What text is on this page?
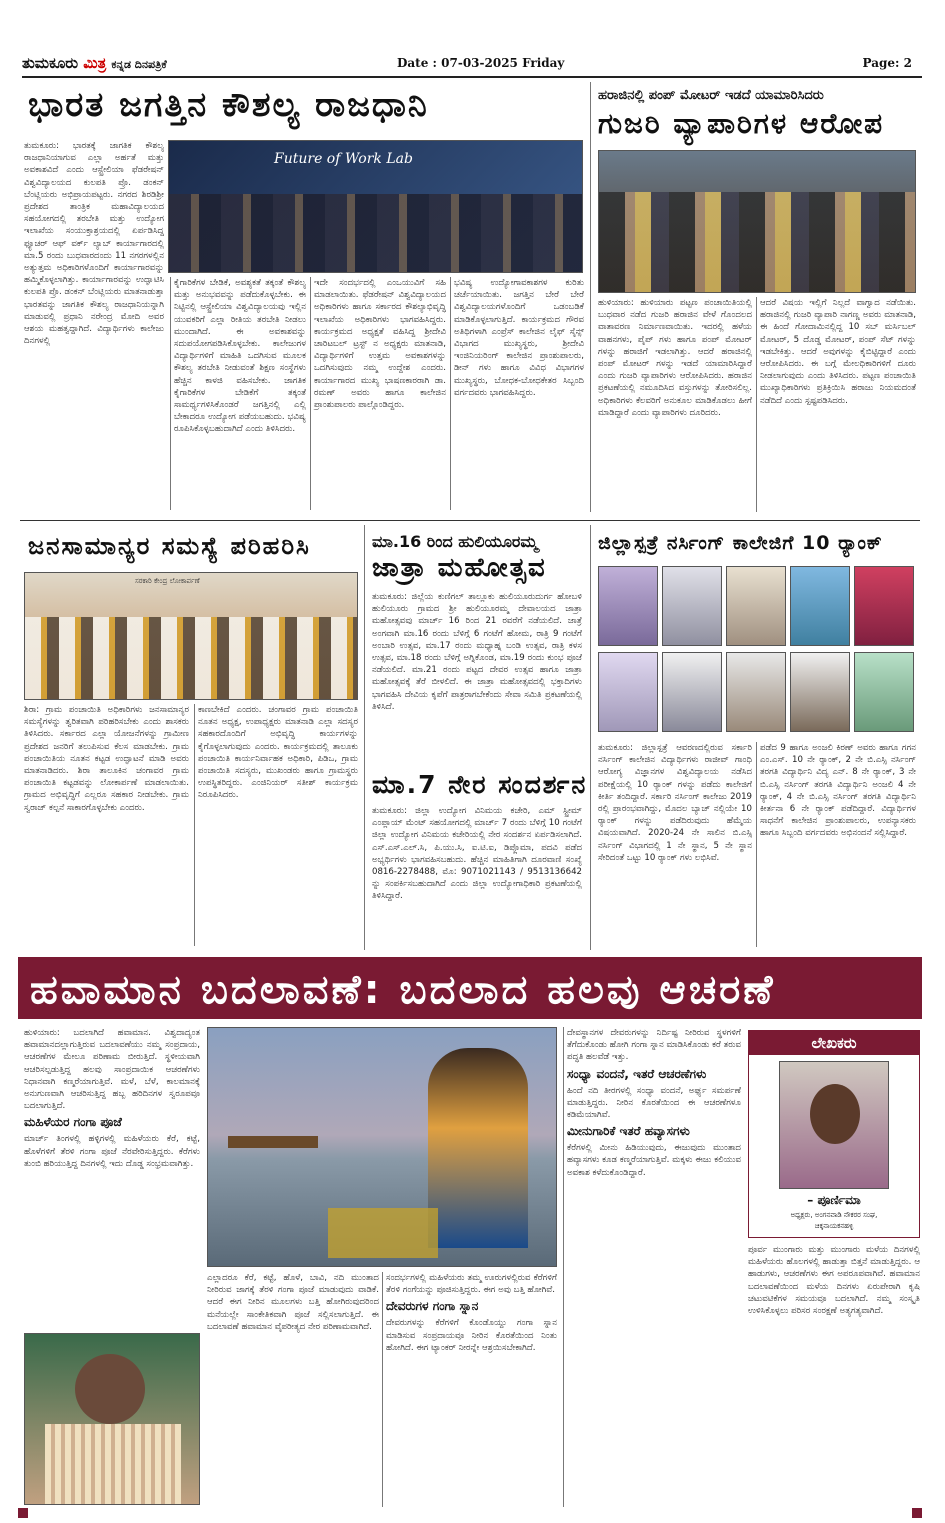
ತುಮಕೂರು ಮಿತ್ರ ಕನ್ನಡ ದಿನಪತ್ರಿಕೆ	Date : 07-03-2025 Friday	Page: 2
ಭಾರತ ಜಗತ್ತಿನ ಕೌಶಲ್ಯ ರಾಜಧಾನಿ
Future of Work Lab
ತುಮಕೂರು: ಭಾರತಕ್ಕೆ ಜಾಗತಿಕ ಕೌಶಲ್ಯ ರಾಜಧಾನಿಯಾಗುವ ಎಲ್ಲಾ ಅರ್ಹತೆ ಮತ್ತು ಅವಕಾಶವಿದೆ ಎಂದು ಆಸ್ಟ್ರೇಲಿಯಾ ಫೆಡರೇಷನ್ ವಿಶ್ವವಿದ್ಯಾಲಯದ ಕುಲಪತಿ ಪ್ರೊ. ಡಂಕನ್ ಬೆಂಟ್ಲಿಯರು ಅಭಿಪ್ರಾಯಪಟ್ಟರು. ನಗರದ ಶಿರಡಿಶ್ರೀ ಪ್ರದೇಶದ ತಾಂತ್ರಿಕ ಮಹಾವಿದ್ಯಾಲಯದ ಸಹಯೋಗದಲ್ಲಿ ತರಬೇತಿ ಮತ್ತು ಉದ್ಯೋಗ ಇಲಾಖೆಯ ಸಂಯುಕ್ತಾಶ್ರಯದಲ್ಲಿ ಏರ್ಪಡಿಸಿದ್ದ ಫ್ಯೂಚರ್ ಆಫ್ ವರ್ಕ್ ಲ್ಯಾಬ್ ಕಾರ್ಯಾಗಾರದಲ್ಲಿ ಮಾ.5 ರಂದು ಬುಧವಾರದಂದು 11 ನಗರಗಳಲ್ಲಿನ ಅತ್ಯುತ್ತಮ ಅಧಿಕಾರಿಗಳೊಂದಿಗೆ ಕಾರ್ಯಾಗಾರವನ್ನು ಹಮ್ಮಿಕೊಳ್ಳಲಾಗಿತ್ತು. ಕಾರ್ಯಾಗಾರವನ್ನು ಉದ್ಘಾಟಿಸಿ ಕುಲಪತಿ ಪ್ರೊ. ಡಂಕನ್ ಬೆಂಟ್ಲಿಯರು ಮಾತನಾಡುತ್ತಾ ಭಾರತವನ್ನು ಜಾಗತಿಕ ಕೌಶಲ್ಯ ರಾಜಧಾನಿಯನ್ನಾಗಿ ಮಾಡುವಲ್ಲಿ ಪ್ರಧಾನಿ ನರೇಂದ್ರ ಮೋದಿ ಅವರ ಆಶಯ ಮಹತ್ವದ್ದಾಗಿದೆ. ವಿದ್ಯಾರ್ಥಿಗಳು ಕಾಲೇಜು ದಿನಗಳಲ್ಲಿ
ಕೈಗಾರಿಕೆಗಳ ಬೇಡಿಕೆ, ಅವಶ್ಯಕತೆ ತಕ್ಕಂತೆ ಕೌಶಲ್ಯ ಮತ್ತು ಅನುಭವವನ್ನು ಪಡೆದುಕೊಳ್ಳಬೇಕು. ಈ ನಿಟ್ಟಿನಲ್ಲಿ ಆಸ್ಟ್ರೇಲಿಯಾ ವಿಶ್ವವಿದ್ಯಾಲಯವು ಇಲ್ಲಿನ ಯುವಕರಿಗೆ ಎಲ್ಲಾ ರೀತಿಯ ತರಬೇತಿ ನೀಡಲು ಮುಂದಾಗಿದೆ. ಈ ಅವಕಾಶವನ್ನು ಸದುಪಯೋಗಪಡಿಸಿಕೊಳ್ಳಬೇಕು. ಕಾಲೇಜುಗಳ ವಿದ್ಯಾರ್ಥಿಗಳಿಗೆ ಮಾಹಿತಿ ಒದಗಿಸುವ ಮೂಲಕ ಕೌಶಲ್ಯ ತರಬೇತಿ ನೀಡುವಂತೆ ಶಿಕ್ಷಣ ಸಂಸ್ಥೆಗಳು ಹೆಚ್ಚಿನ ಕಾಳಜಿ ವಹಿಸಬೇಕು. ಜಾಗತಿಕ ಕೈಗಾರಿಕೆಗಳ ಬೇಡಿಕೆಗೆ ತಕ್ಕಂತೆ ಸಾಮರ್ಥ್ಯಗಳಿಸಿಕೊಂಡರೆ ಜಗತ್ತಿನಲ್ಲಿ ಎಲ್ಲಿ ಬೇಕಾದರೂ ಉದ್ಯೋಗ ಪಡೆಯಬಹುದು. ಭವಿಷ್ಯ ರೂಪಿಸಿಕೊಳ್ಳಬಹುದಾಗಿದೆ ಎಂದು ತಿಳಿಸಿದರು.
ಇದೇ ಸಂದರ್ಭದಲ್ಲಿ ಎಂಒಯುವಿಗೆ ಸಹಿ ಮಾಡಲಾಯಿತು. ಫೆಡರೇಷನ್ ವಿಶ್ವವಿದ್ಯಾಲಯದ ಅಧಿಕಾರಿಗಳು ಹಾಗೂ ಸರ್ಕಾರದ ಕೌಶಲ್ಯಾಭಿವೃದ್ಧಿ ಇಲಾಖೆಯ ಅಧಿಕಾರಿಗಳು ಭಾಗವಹಿಸಿದ್ದರು. ಕಾರ್ಯಕ್ರಮದ ಅಧ್ಯಕ್ಷತೆ ವಹಿಸಿದ್ದ ಶ್ರೀದೇವಿ ಚಾರಿಟಬಲ್ ಟ್ರಸ್ಟ್ ನ ಅಧ್ಯಕ್ಷರು ಮಾತನಾಡಿ, ವಿದ್ಯಾರ್ಥಿಗಳಿಗೆ ಉತ್ತಮ ಅವಕಾಶಗಳನ್ನು ಒದಗಿಸುವುದು ನಮ್ಮ ಉದ್ದೇಶ ಎಂದರು. ಕಾರ್ಯಾಗಾರದ ಮುಖ್ಯ ಭಾಷಣಕಾರರಾಗಿ ಡಾ. ರಮಣ್ ಅವರು ಹಾಗೂ ಕಾಲೇಜಿನ ಪ್ರಾಂಶುಪಾಲರು ಪಾಲ್ಗೊಂಡಿದ್ದರು.
ಭವಿಷ್ಯ ಉದ್ಯೋಗಾವಕಾಶಗಳ ಕುರಿತು ಚರ್ಚೆಯಾಯಿತು. ಜಗತ್ತಿನ ಬೇರೆ ಬೇರೆ ವಿಶ್ವವಿದ್ಯಾಲಯಗಳೊಂದಿಗೆ ಒಡಂಬಡಿಕೆ ಮಾಡಿಕೊಳ್ಳಲಾಗುತ್ತಿದೆ. ಕಾರ್ಯಕ್ರಮದ ಗೌರವ ಅತಿಥಿಗಳಾಗಿ ಎಂಪ್ರೆಸ್ ಕಾಲೇಜಿನ ಲೈಫ್ ಸೈನ್ಸ್ ವಿಭಾಗದ ಮುಖ್ಯಸ್ಥರು, ಶ್ರೀದೇವಿ ಇಂಜಿನಿಯರಿಂಗ್ ಕಾಲೇಜಿನ ಪ್ರಾಂಶುಪಾಲರು, ಡೀನ್ ಗಳು ಹಾಗೂ ವಿವಿಧ ವಿಭಾಗಗಳ ಮುಖ್ಯಸ್ಥರು, ಬೋಧಕ-ಬೋಧಕೇತರ ಸಿಬ್ಬಂದಿ ವರ್ಗದವರು ಭಾಗವಹಿಸಿದ್ದರು.
ಹರಾಜಿನಲ್ಲಿ ಪಂಪ್ ಮೋಟರ್ ಇಡದೆ ಯಾಮಾರಿಸಿದರು
ಗುಜರಿ ವ್ಯಾಪಾರಿಗಳ ಆರೋಪ
ಹುಳಿಯಾರು: ಹುಳಿಯಾರು ಪಟ್ಟಣ ಪಂಚಾಯಿತಿಯಲ್ಲಿ ಬುಧವಾರ ನಡೆದ ಗುಜರಿ ಹರಾಜಿನ ವೇಳೆ ಗೊಂದಲದ ವಾತಾವರಣ ನಿರ್ಮಾಣವಾಯಿತು. ಇದರಲ್ಲಿ ಹಳೆಯ ವಾಹನಗಳು, ಪೈಪ್ ಗಳು ಹಾಗೂ ಪಂಪ್ ಮೋಟರ್ ಗಳನ್ನು ಹರಾಜಿಗೆ ಇಡಲಾಗಿತ್ತು. ಆದರೆ ಹರಾಜಿನಲ್ಲಿ ಪಂಪ್ ಮೋಟರ್ ಗಳನ್ನು ಇಡದೆ ಯಾಮಾರಿಸಿದ್ದಾರೆ ಎಂದು ಗುಜರಿ ವ್ಯಾಪಾರಿಗಳು ಆರೋಪಿಸಿದರು. ಹರಾಜಿನ ಪ್ರಕಟಣೆಯಲ್ಲಿ ನಮೂದಿಸಿದ ವಸ್ತುಗಳನ್ನು ತೋರಿಸಲಿಲ್ಲ. ಅಧಿಕಾರಿಗಳು ಕೆಲವರಿಗೆ ಅನುಕೂಲ ಮಾಡಿಕೊಡಲು ಹೀಗೆ ಮಾಡಿದ್ದಾರೆ ಎಂದು ವ್ಯಾಪಾರಿಗಳು ದೂರಿದರು.
ಆದರೆ ವಿಷಯ ಇಲ್ಲಿಗೆ ನಿಲ್ಲದೆ ವಾಗ್ವಾದ ನಡೆಯಿತು. ಹರಾಜಿನಲ್ಲಿ ಗುಜರಿ ವ್ಯಾಪಾರಿ ನಾಗಣ್ಣ ಅವರು ಮಾತನಾಡಿ, ಈ ಹಿಂದೆ ಗೋದಾಮಿನಲ್ಲಿದ್ದ 10 ಸಬ್ ಮರ್ಸಿಬಲ್ ಮೋಟರ್, 5 ದೊಡ್ಡ ಮೋಟರ್, ಪಂಪ್ ಸೆಟ್ ಗಳನ್ನು ಇಡಬೇಕಿತ್ತು. ಆದರೆ ಅವುಗಳನ್ನು ಕೈಬಿಟ್ಟಿದ್ದಾರೆ ಎಂದು ಆರೋಪಿಸಿದರು. ಈ ಬಗ್ಗೆ ಮೇಲಧಿಕಾರಿಗಳಿಗೆ ದೂರು ನೀಡಲಾಗುವುದು ಎಂದು ತಿಳಿಸಿದರು. ಪಟ್ಟಣ ಪಂಚಾಯಿತಿ ಮುಖ್ಯಾಧಿಕಾರಿಗಳು ಪ್ರತಿಕ್ರಿಯಿಸಿ ಹರಾಜು ನಿಯಮದಂತೆ ನಡೆದಿದೆ ಎಂದು ಸ್ಪಷ್ಟಪಡಿಸಿದರು.
ಜನಸಾಮಾನ್ಯರ ಸಮಸ್ಯೆ ಪರಿಹರಿಸಿ
ಸರಕಾರಿ ಕೇಂದ್ರ ಲೋಕಾರ್ಪಣೆ
ಶಿರಾ: ಗ್ರಾಮ ಪಂಚಾಯಿತಿ ಅಧಿಕಾರಿಗಳು ಜನಸಾಮಾನ್ಯರ ಸಮಸ್ಯೆಗಳನ್ನು ತ್ವರಿತವಾಗಿ ಪರಿಹರಿಸಬೇಕು ಎಂದು ಶಾಸಕರು ತಿಳಿಸಿದರು. ಸರ್ಕಾರದ ಎಲ್ಲಾ ಯೋಜನೆಗಳನ್ನು ಗ್ರಾಮೀಣ ಪ್ರದೇಶದ ಜನರಿಗೆ ತಲುಪಿಸುವ ಕೆಲಸ ಮಾಡಬೇಕು. ಗ್ರಾಮ ಪಂಚಾಯಿತಿಯ ನೂತನ ಕಟ್ಟಡ ಉದ್ಘಾಟನೆ ಮಾಡಿ ಅವರು ಮಾತನಾಡಿದರು. ಶಿರಾ ತಾಲೂಕಿನ ಚಂಗಾವರ ಗ್ರಾಮ ಪಂಚಾಯಿತಿ ಕಟ್ಟಡವನ್ನು ಲೋಕಾರ್ಪಣೆ ಮಾಡಲಾಯಿತು. ಗ್ರಾಮದ ಅಭಿವೃದ್ಧಿಗೆ ಎಲ್ಲರೂ ಸಹಕಾರ ನೀಡಬೇಕು. ಗ್ರಾಮ ಸ್ವರಾಜ್ ಕಲ್ಪನೆ ಸಾಕಾರಗೊಳ್ಳಬೇಕು ಎಂದರು.
ಕಾಣಬೇಕಿದೆ ಎಂದರು. ಚಂಗಾವರ ಗ್ರಾಮ ಪಂಚಾಯಿತಿ ನೂತನ ಅಧ್ಯಕ್ಷ, ಉಪಾಧ್ಯಕ್ಷರು ಮಾತನಾಡಿ ಎಲ್ಲಾ ಸದಸ್ಯರ ಸಹಕಾರದೊಂದಿಗೆ ಅಭಿವೃದ್ಧಿ ಕಾರ್ಯಗಳನ್ನು ಕೈಗೊಳ್ಳಲಾಗುವುದು ಎಂದರು. ಕಾರ್ಯಕ್ರಮದಲ್ಲಿ ತಾಲೂಕು ಪಂಚಾಯಿತಿ ಕಾರ್ಯನಿರ್ವಾಹಕ ಅಧಿಕಾರಿ, ಪಿಡಿಒ, ಗ್ರಾಮ ಪಂಚಾಯಿತಿ ಸದಸ್ಯರು, ಮುಖಂಡರು ಹಾಗೂ ಗ್ರಾಮಸ್ಥರು ಉಪಸ್ಥಿತರಿದ್ದರು. ಎಂಜಿನಿಯರ್ ಸತೀಶ್ ಕಾರ್ಯಕ್ರಮ ನಿರೂಪಿಸಿದರು.
ಮಾ.16 ರಿಂದ ಹುಲಿಯೂರಮ್ಮ
ಜಾತ್ರಾ ಮಹೋತ್ಸವ
ತುಮಕೂರು: ಜಿಲ್ಲೆಯ ಕುಣಿಗಲ್ ತಾಲ್ಲೂಕು ಹುಲಿಯೂರುದುರ್ಗ ಹೋಬಳಿ ಹುಲಿಯೂರು ಗ್ರಾಮದ ಶ್ರೀ ಹುಲಿಯೂರಮ್ಮ ದೇವಾಲಯದ ಜಾತ್ರಾ ಮಹೋತ್ಸವವು ಮಾರ್ಚ್ 16 ರಿಂದ 21 ರವರೆಗೆ ನಡೆಯಲಿದೆ. ಜಾತ್ರೆ ಅಂಗವಾಗಿ ಮಾ.16 ರಂದು ಬೆಳಿಗ್ಗೆ 6 ಗಂಟೆಗೆ ಹೋಮ, ರಾತ್ರಿ 9 ಗಂಟೆಗೆ ಅಂಬಾರಿ ಉತ್ಸವ, ಮಾ.17 ರಂದು ಮಧ್ಯಾಹ್ನ ಬಂಡಿ ಉತ್ಸವ, ರಾತ್ರಿ ಕಳಸ ಉತ್ಸವ, ಮಾ.18 ರಂದು ಬೆಳಿಗ್ಗೆ ಅಗ್ನಿಕೊಂಡ, ಮಾ.19 ರಂದು ಕುಂಭ ಪೂಜೆ ನಡೆಯಲಿದೆ. ಮಾ.21 ರಂದು ಪಟ್ಟದ ದೇವರ ಉತ್ಸವ ಹಾಗೂ ಜಾತ್ರಾ ಮಹೋತ್ಸವಕ್ಕೆ ತೆರೆ ಬೀಳಲಿದೆ. ಈ ಜಾತ್ರಾ ಮಹೋತ್ಸವದಲ್ಲಿ ಭಕ್ತಾದಿಗಳು ಭಾಗವಹಿಸಿ ದೇವಿಯ ಕೃಪೆಗೆ ಪಾತ್ರರಾಗಬೇಕೆಂದು ಸೇವಾ ಸಮಿತಿ ಪ್ರಕಟಣೆಯಲ್ಲಿ ತಿಳಿಸಿದೆ.
ಮಾ.7 ನೇರ ಸಂದರ್ಶನ
ತುಮಕೂರು: ಜಿಲ್ಲಾ ಉದ್ಯೋಗ ವಿನಿಮಯ ಕಚೇರಿ, ಎಮ್ ಸ್ಟ್ರೀಮ್ ಎಂಪ್ಲಾಯ್ ಮೆಂಟ್ ಸಹಯೋಗದಲ್ಲಿ ಮಾರ್ಚ್ 7 ರಂದು ಬೆಳಿಗ್ಗೆ 10 ಗಂಟೆಗೆ ಜಿಲ್ಲಾ ಉದ್ಯೋಗ ವಿನಿಮಯ ಕಚೇರಿಯಲ್ಲಿ ನೇರ ಸಂದರ್ಶನ ಏರ್ಪಡಿಸಲಾಗಿದೆ. ಎಸ್.ಎಸ್.ಎಲ್.ಸಿ, ಪಿ.ಯು.ಸಿ, ಐ.ಟಿ.ಐ, ಡಿಪ್ಲೊಮಾ, ಪದವಿ ಪಡೆದ ಅಭ್ಯರ್ಥಿಗಳು ಭಾಗವಹಿಸಬಹುದು. ಹೆಚ್ಚಿನ ಮಾಹಿತಿಗಾಗಿ ದೂರವಾಣಿ ಸಂಖ್ಯೆ 0816-2278488, ಮೊ: 9071021143 / 9513136642 ನ್ನು ಸಂಪರ್ಕಿಸಬಹುದಾಗಿದೆ ಎಂದು ಜಿಲ್ಲಾ ಉದ್ಯೋಗಾಧಿಕಾರಿ ಪ್ರಕಟಣೆಯಲ್ಲಿ ತಿಳಿಸಿದ್ದಾರೆ.
ಜಿಲ್ಲಾಸ್ಪತ್ರೆ ನರ್ಸಿಂಗ್ ಕಾಲೇಜಿಗೆ 10 ರ್‍ಯಾಂಕ್
ತುಮಕೂರು: ಜಿಲ್ಲಾಸ್ಪತ್ರೆ ಆವರಣದಲ್ಲಿರುವ ಸರ್ಕಾರಿ ನರ್ಸಿಂಗ್ ಕಾಲೇಜಿನ ವಿದ್ಯಾರ್ಥಿಗಳು ರಾಜೀವ್ ಗಾಂಧಿ ಆರೋಗ್ಯ ವಿಜ್ಞಾನಗಳ ವಿಶ್ವವಿದ್ಯಾಲಯ ನಡೆಸಿದ ಪರೀಕ್ಷೆಯಲ್ಲಿ 10 ರ್‍ಯಾಂಕ್ ಗಳನ್ನು ಪಡೆದು ಕಾಲೇಜಿಗೆ ಕೀರ್ತಿ ತಂದಿದ್ದಾರೆ. ಸರ್ಕಾರಿ ನರ್ಸಿಂಗ್ ಕಾಲೇಜು 2019 ರಲ್ಲಿ ಪ್ರಾರಂಭವಾಗಿದ್ದು, ಮೊದಲ ಬ್ಯಾಚ್ ನಲ್ಲಿಯೇ 10 ರ್‍ಯಾಂಕ್ ಗಳನ್ನು ಪಡೆದಿರುವುದು ಹೆಮ್ಮೆಯ ವಿಷಯವಾಗಿದೆ. 2020-24 ನೇ ಸಾಲಿನ ಬಿ.ಎಸ್ಸಿ ನರ್ಸಿಂಗ್ ವಿಭಾಗದಲ್ಲಿ 1 ನೇ ಸ್ಥಾನ, 5 ನೇ ಸ್ಥಾನ ಸೇರಿದಂತೆ ಒಟ್ಟು 10 ರ್‍ಯಾಂಕ್ ಗಳು ಲಭಿಸಿವೆ.
ಪಡೆದ 9 ಹಾಗೂ ಅಂಜಲಿ ಕಿರಣ್ ಅವರು ಹಾಗೂ ಗಗನ ಎಂ.ಎಸ್. 10 ನೇ ರ್‍ಯಾಂಕ್, 2 ನೇ ಬಿ.ಎಸ್ಸಿ ನರ್ಸಿಂಗ್ ತರಗತಿ ವಿದ್ಯಾರ್ಥಿನಿ ವಿದ್ಯ ಎನ್. 8 ನೇ ರ್‍ಯಾಂಕ್, 3 ನೇ ಬಿ.ಎಸ್ಸಿ ನರ್ಸಿಂಗ್ ತರಗತಿ ವಿದ್ಯಾರ್ಥಿನಿ ಅಂಜಲಿ 4 ನೇ ರ್‍ಯಾಂಕ್, 4 ನೇ ಬಿ.ಎಸ್ಸಿ ನರ್ಸಿಂಗ್ ತರಗತಿ ವಿದ್ಯಾರ್ಥಿನಿ ಕೀರ್ತನಾ 6 ನೇ ರ್‍ಯಾಂಕ್ ಪಡೆದಿದ್ದಾರೆ. ವಿದ್ಯಾರ್ಥಿಗಳ ಸಾಧನೆಗೆ ಕಾಲೇಜಿನ ಪ್ರಾಂಶುಪಾಲರು, ಉಪನ್ಯಾಸಕರು ಹಾಗೂ ಸಿಬ್ಬಂದಿ ವರ್ಗದವರು ಅಭಿನಂದನೆ ಸಲ್ಲಿಸಿದ್ದಾರೆ.
ಹವಾಮಾನ ಬದಲಾವಣೆ: ಬದಲಾದ ಹಲವು ಆಚರಣೆ
ಹುಳಿಯಾರು: ಬದಲಾಗಿದೆ ಹವಾಮಾನ. ವಿಶ್ವದಾದ್ಯಂತ ಹವಾಮಾನದಲ್ಲಾಗುತ್ತಿರುವ ಬದಲಾವಣೆಯು ನಮ್ಮ ಸಂಪ್ರದಾಯ, ಆಚರಣೆಗಳ ಮೇಲೂ ಪರಿಣಾಮ ಬೀರುತ್ತಿದೆ. ಸ್ಥಳೀಯವಾಗಿ ಆಚರಿಸಲ್ಪಡುತ್ತಿದ್ದ ಹಲವು ಸಾಂಪ್ರದಾಯಿಕ ಆಚರಣೆಗಳು ನಿಧಾನವಾಗಿ ಕಣ್ಮರೆಯಾಗುತ್ತಿವೆ. ಮಳೆ, ಬೆಳೆ, ಕಾಲಮಾನಕ್ಕೆ ಅನುಗುಣವಾಗಿ ಆಚರಿಸುತ್ತಿದ್ದ ಹಬ್ಬ ಹರಿದಿನಗಳ ಸ್ವರೂಪವೂ ಬದಲಾಗುತ್ತಿದೆ.
ಮಹಿಳೆಯರ ಗಂಗಾ ಪೂಜೆ
ಮಾರ್ಚ್ ತಿಂಗಳಲ್ಲಿ ಹಳ್ಳಿಗಳಲ್ಲಿ ಮಹಿಳೆಯರು ಕೆರೆ, ಕಟ್ಟೆ, ಹೊಳೆಗಳಿಗೆ ತೆರಳಿ ಗಂಗಾ ಪೂಜೆ ನೆರವೇರಿಸುತ್ತಿದ್ದರು. ಕೆರೆಗಳು ತುಂಬಿ ಹರಿಯುತ್ತಿದ್ದ ದಿನಗಳಲ್ಲಿ ಇದು ದೊಡ್ಡ ಸಂಭ್ರಮವಾಗಿತ್ತು.
ಎಲ್ಲಾದರೂ ಕೆರೆ, ಕಟ್ಟೆ, ಹೊಳೆ, ಬಾವಿ, ನದಿ ಮುಂತಾದ ನೀರಿರುವ ಜಾಗಕ್ಕೆ ತೆರಳಿ ಗಂಗಾ ಪೂಜೆ ಮಾಡುವುದು ವಾಡಿಕೆ. ಆದರೆ ಈಗ ನೀರಿನ ಮೂಲಗಳು ಬತ್ತಿ ಹೋಗಿರುವುದರಿಂದ ಮನೆಯಲ್ಲೇ ಸಾಂಕೇತಿಕವಾಗಿ ಪೂಜೆ ಸಲ್ಲಿಸಲಾಗುತ್ತಿದೆ. ಈ ಬದಲಾವಣೆ ಹವಾಮಾನ ವೈಪರೀತ್ಯದ ನೇರ ಪರಿಣಾಮವಾಗಿದೆ.
ಸಂದರ್ಭಗಳಲ್ಲಿ ಮಹಿಳೆಯರು ತಮ್ಮ ಊರುಗಳಲ್ಲಿರುವ ಕೆರೆಗಳಿಗೆ ತೆರಳಿ ಗಂಗೆಯನ್ನು ಪೂಜಿಸುತ್ತಿದ್ದರು. ಈಗ ಅವು ಬತ್ತಿ ಹೋಗಿವೆ.
ದೇವರುಗಳ ಗಂಗಾ ಸ್ನಾನ
ದೇವರುಗಳನ್ನು ಕೆರೆಗಳಿಗೆ ಕೊಂಡೊಯ್ದು ಗಂಗಾ ಸ್ನಾನ ಮಾಡಿಸುವ ಸಂಪ್ರದಾಯವೂ ನೀರಿನ ಕೊರತೆಯಿಂದ ನಿಂತು ಹೋಗಿದೆ. ಈಗ ಟ್ಯಾಂಕರ್ ನೀರನ್ನೇ ಆಶ್ರಯಿಸಬೇಕಾಗಿದೆ.
ದೇವಸ್ಥಾನಗಳ ದೇವರುಗಳನ್ನು ನಿರ್ದಿಷ್ಟ ನೀರಿರುವ ಸ್ಥಳಗಳಿಗೆ ತೆಗೆದುಕೊಂಡು ಹೋಗಿ ಗಂಗಾ ಸ್ನಾನ ಮಾಡಿಸಿಕೊಂಡು ಕರೆ ತರುವ ಪದ್ಧತಿ ಹಲವೆಡೆ ಇತ್ತು.
ಸಂಧ್ಯಾ ವಂದನೆ, ಇತರೆ ಆಚರಣೆಗಳು
ಹಿಂದೆ ನದಿ ತೀರಗಳಲ್ಲಿ ಸಂಧ್ಯಾ ವಂದನೆ, ಅರ್ಘ್ಯ ಸಮರ್ಪಣೆ ಮಾಡುತ್ತಿದ್ದರು. ನೀರಿನ ಕೊರತೆಯಿಂದ ಈ ಆಚರಣೆಗಳೂ ಕಡಿಮೆಯಾಗಿವೆ.
ಮೀನುಗಾರಿಕೆ ಇತರೆ ಹವ್ಯಾಸಗಳು
ಕೆರೆಗಳಲ್ಲಿ ಮೀನು ಹಿಡಿಯುವುದು, ಈಜುವುದು ಮುಂತಾದ ಹವ್ಯಾಸಗಳು ಕೂಡ ಕಣ್ಮರೆಯಾಗುತ್ತಿವೆ. ಮಕ್ಕಳು ಈಜು ಕಲಿಯುವ ಅವಕಾಶ ಕಳೆದುಕೊಂಡಿದ್ದಾರೆ.
ಲೇಖಕರು
– ಪೂರ್ಣಿಮಾ
ಅಧ್ಯಕ್ಷರು, ಅಂಗನವಾಡಿ ನೌಕರರ ಸಂಘ,
ಚಿಕ್ಕನಾಯಕನಹಳ್ಳಿ
ಪೂರ್ವ ಮುಂಗಾರು ಮತ್ತು ಮುಂಗಾರು ಮಳೆಯ ದಿನಗಳಲ್ಲಿ ಮಹಿಳೆಯರು ಹೊಲಗಳಲ್ಲಿ ಹಾಡುತ್ತಾ ಬಿತ್ತನೆ ಮಾಡುತ್ತಿದ್ದರು. ಆ ಹಾಡುಗಳು, ಆಚರಣೆಗಳು ಈಗ ಅಪರೂಪವಾಗಿವೆ. ಹವಾಮಾನ ಬದಲಾವಣೆಯಿಂದ ಮಳೆಯ ದಿನಗಳು ಏರುಪೇರಾಗಿ ಕೃಷಿ ಚಟುವಟಿಕೆಗಳ ಸಮಯವೂ ಬದಲಾಗಿದೆ. ನಮ್ಮ ಸಂಸ್ಕೃತಿ ಉಳಿಸಿಕೊಳ್ಳಲು ಪರಿಸರ ಸಂರಕ್ಷಣೆ ಅತ್ಯಗತ್ಯವಾಗಿದೆ.
